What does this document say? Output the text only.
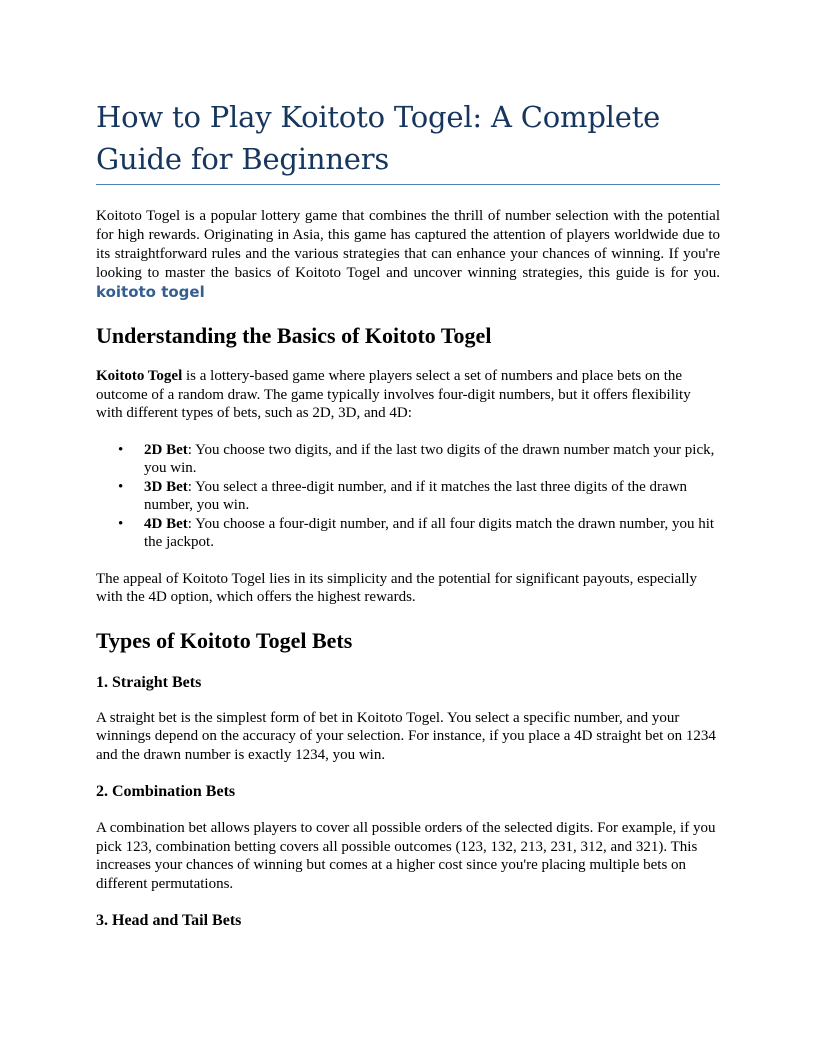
How to Play Koitoto Togel: A Complete Guide for Beginners

Koitoto Togel is a popular lottery game that combines the thrill of number selection with the potential for high rewards. Originating in Asia, this game has captured the attention of players worldwide due to its straightforward rules and the various strategies that can enhance your chances of winning. If you're looking to master the basics of Koitoto Togel and uncover winning strategies, this guide is for you. koitoto togel

Understanding the Basics of Koitoto Togel

Koitoto Togel is a lottery-based game where players select a set of numbers and place bets on the outcome of a random draw. The game typically involves four-digit numbers, but it offers flexibility with different types of bets, such as 2D, 3D, and 4D:

• 2D Bet: You choose two digits, and if the last two digits of the drawn number match your pick, you win.
• 3D Bet: You select a three-digit number, and if it matches the last three digits of the drawn number, you win.
• 4D Bet: You choose a four-digit number, and if all four digits match the drawn number, you hit the jackpot.

The appeal of Koitoto Togel lies in its simplicity and the potential for significant payouts, especially with the 4D option, which offers the highest rewards.

Types of Koitoto Togel Bets
1. Straight Bets

A straight bet is the simplest form of bet in Koitoto Togel. You select a specific number, and your winnings depend on the accuracy of your selection. For instance, if you place a 4D straight bet on 1234 and the drawn number is exactly 1234, you win.

2. Combination Bets

A combination bet allows players to cover all possible orders of the selected digits. For example, if you pick 123, combination betting covers all possible outcomes (123, 132, 213, 231, 312, and 321). This increases your chances of winning but comes at a higher cost since you're placing multiple bets on different permutations.

3. Head and Tail Bets
